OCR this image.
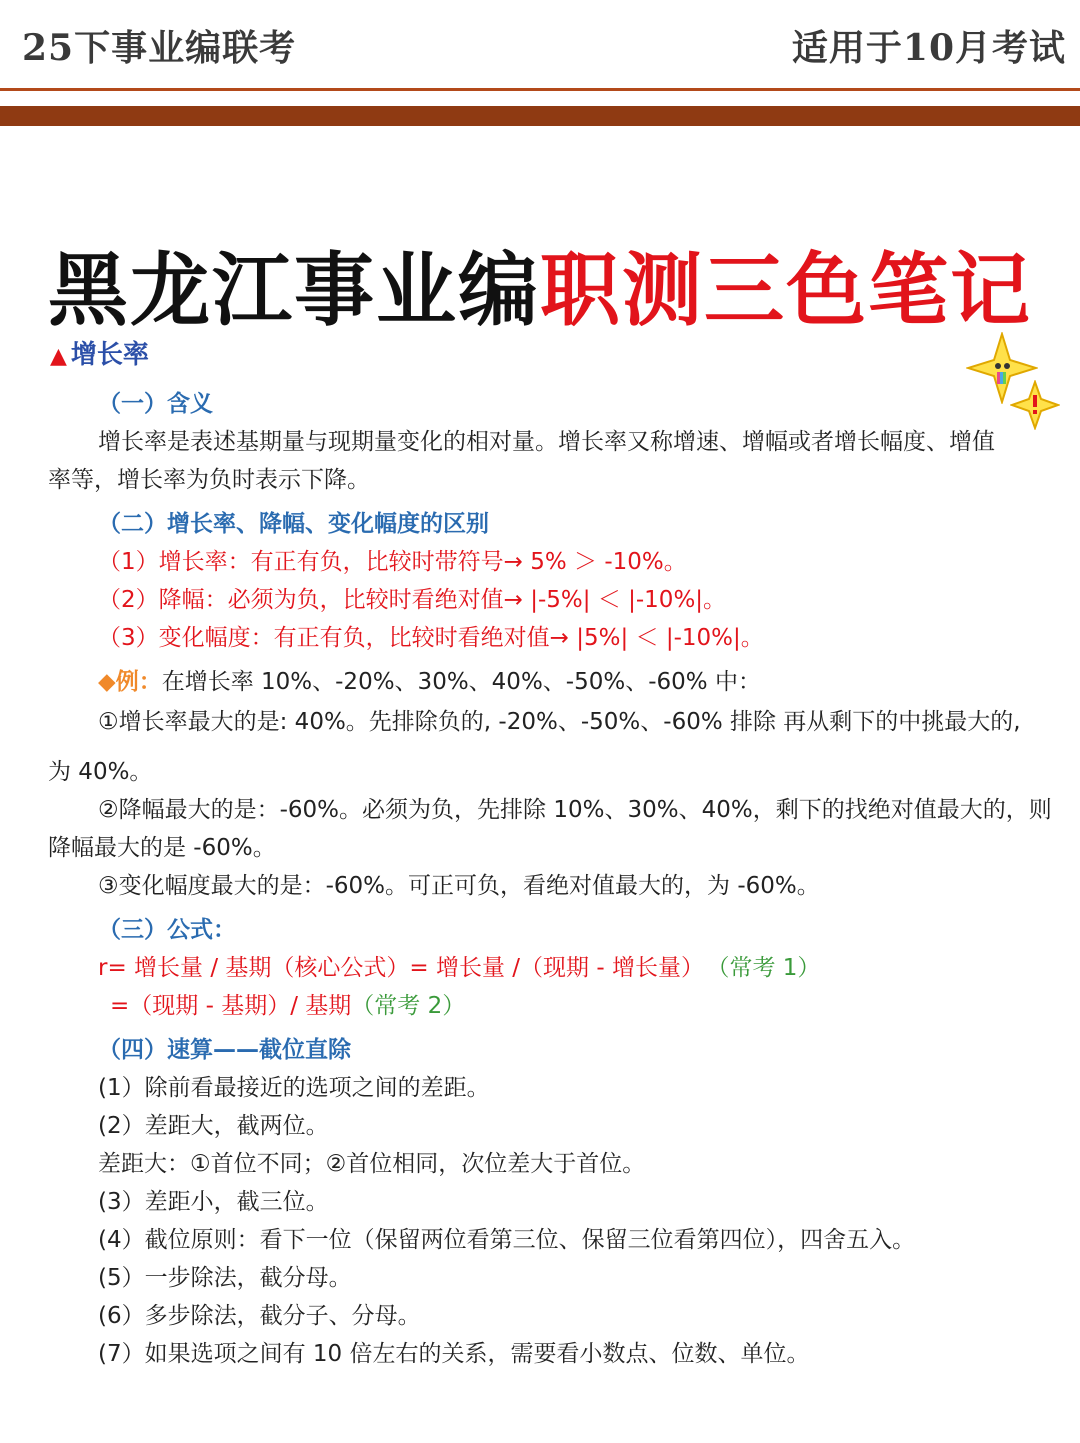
25下事业编联考	适用于10月考试
黑龙江事业编职测三色笔记
▲ 增长率
（一）含义
增长率是表述基期量与现期量变化的相对量。增长率又称增速、增幅或者增长幅度、增值
率等，增长率为负时表示下降。
（二）增长率、降幅、变化幅度的区别
（1）增长率：有正有负，比较时带符号→ 5% ＞ -10%。
（2）降幅：必须为负，比较时看绝对值→ |-5%| ＜ |-10%|。
（3）变化幅度：有正有负，比较时看绝对值→ |5%| ＜ |-10%|。
◆例：在增长率 10%、-20%、30%、40%、-50%、-60% 中：
①增长率最大的是: 40%。先排除负的, -20%、-50%、-60% 排除 再从剩下的中挑最大的,
为 40%。
②降幅最大的是：-60%。必须为负，先排除 10%、30%、40%，剩下的找绝对值最大的，则
降幅最大的是 -60%。
③变化幅度最大的是：-60%。可正可负，看绝对值最大的，为 -60%。
（三）公式：
r= 增长量 / 基期（核心公式）= 增长量 /（现期 - 增长量） （常考 1）
=（现期 - 基期）/ 基期（常考 2）
（四）速算——截位直除
(1）除前看最接近的选项之间的差距。
(2）差距大，截两位。
差距大：①首位不同；②首位相同，次位差大于首位。
(3）差距小，截三位。
(4）截位原则：看下一位（保留两位看第三位、保留三位看第四位），四舍五入。
(5）一步除法，截分母。
(6）多步除法，截分子、分母。
(7）如果选项之间有 10 倍左右的关系，需要看小数点、位数、单位。
